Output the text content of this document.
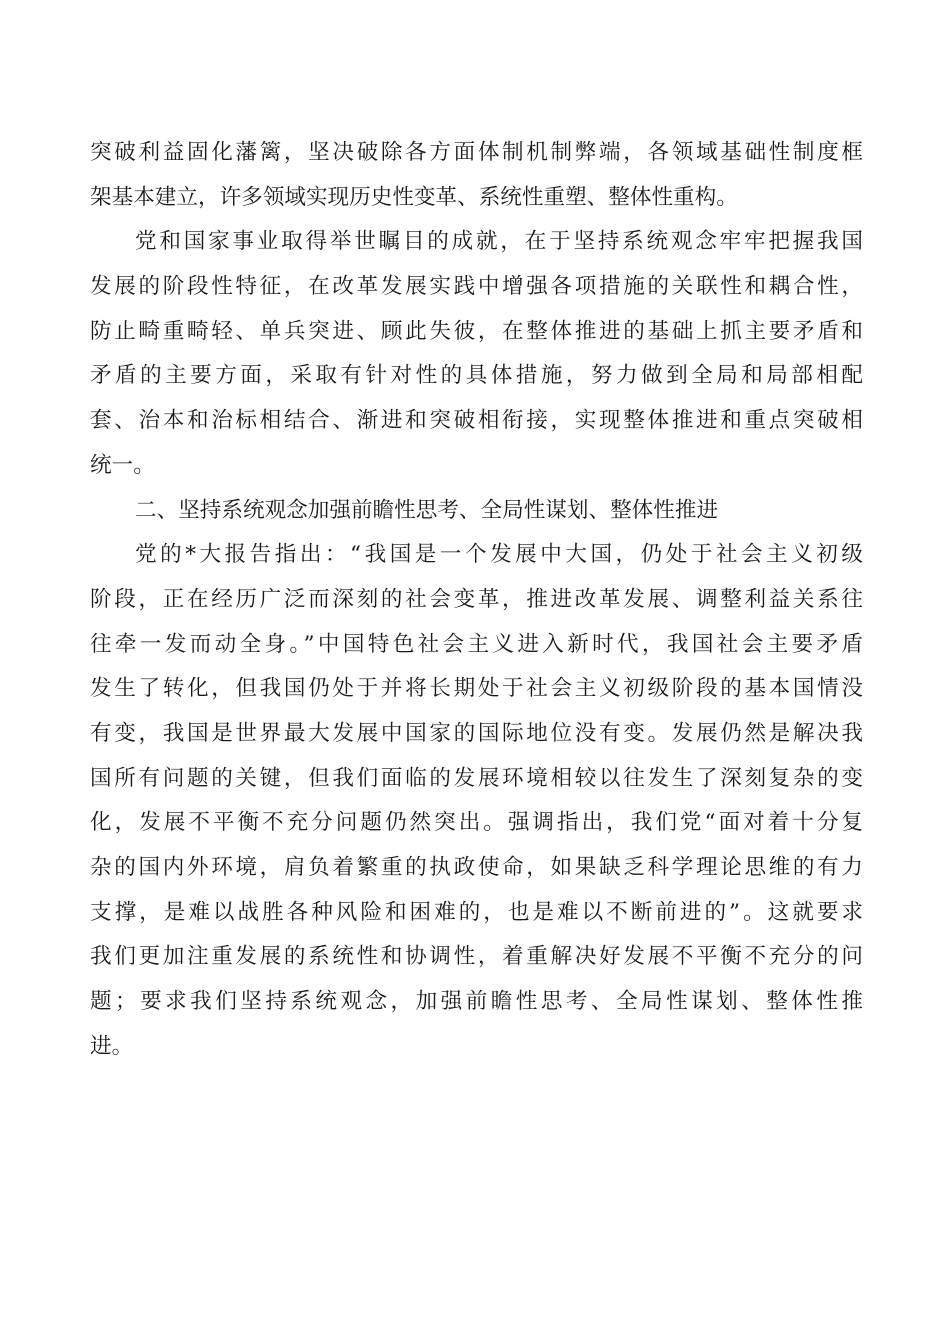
突破利益固化藩篱，坚决破除各方面体制机制弊端，各领域基础性制度框
架基本建立，许多领域实现历史性变革、系统性重塑、整体性重构。
党和国家事业取得举世瞩目的成就，在于坚持系统观念牢牢把握我国
发展的阶段性特征，在改革发展实践中增强各项措施的关联性和耦合性，
防止畸重畸轻、单兵突进、顾此失彼，在整体推进的基础上抓主要矛盾和
矛盾的主要方面，采取有针对性的具体措施，努力做到全局和局部相配
套、治本和治标相结合、渐进和突破相衔接，实现整体推进和重点突破相
统一。
二、坚持系统观念加强前瞻性思考、全局性谋划、整体性推进
党的*大报告指出：“我国是一个发展中大国，仍处于社会主义初级
阶段，正在经历广泛而深刻的社会变革，推进改革发展、调整利益关系往
往牵一发而动全身。”中国特色社会主义进入新时代，我国社会主要矛盾
发生了转化，但我国仍处于并将长期处于社会主义初级阶段的基本国情没
有变，我国是世界最大发展中国家的国际地位没有变。发展仍然是解决我
国所有问题的关键，但我们面临的发展环境相较以往发生了深刻复杂的变
化，发展不平衡不充分问题仍然突出。强调指出，我们党“面对着十分复
杂的国内外环境，肩负着繁重的执政使命，如果缺乏科学理论思维的有力
支撑，是难以战胜各种风险和困难的，也是难以不断前进的”。这就要求
我们更加注重发展的系统性和协调性，着重解决好发展不平衡不充分的问
题；要求我们坚持系统观念，加强前瞻性思考、全局性谋划、整体性推
进。
